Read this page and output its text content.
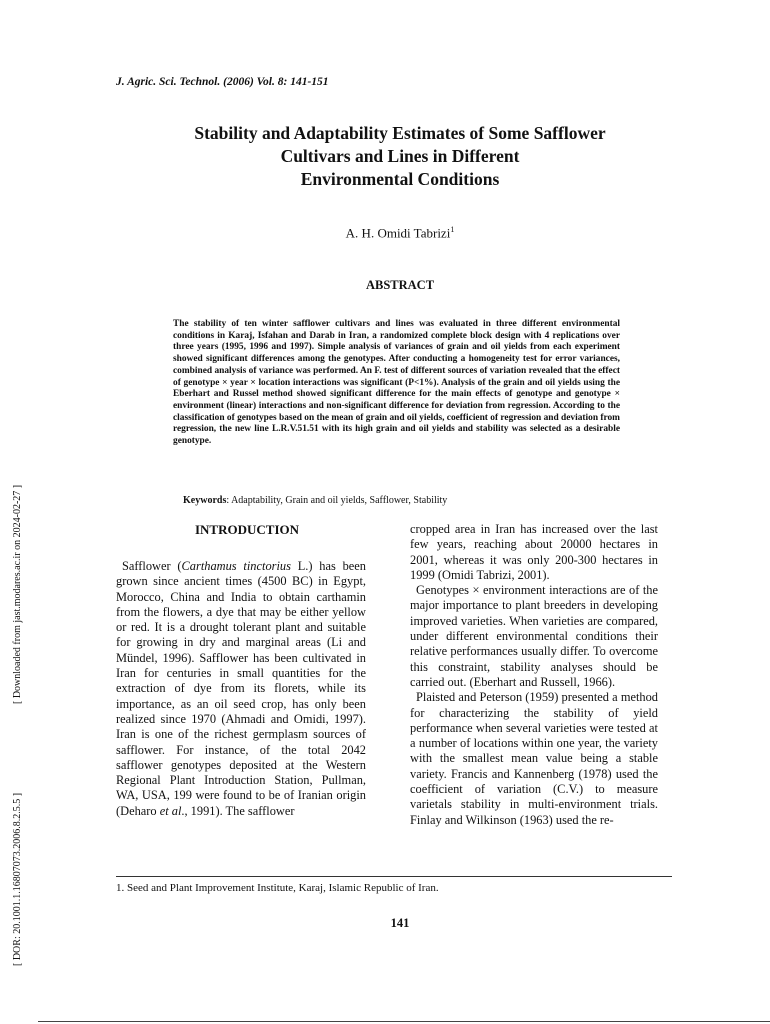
J. Agric. Sci. Technol. (2006) Vol. 8: 141-151
Stability and Adaptability Estimates of Some Safflower
Cultivars and Lines in Different
Environmental Conditions
A. H. Omidi Tabrizi$^1$
ABSTRACT
The stability of ten winter safflower cultivars and lines was evaluated in three different environmental conditions in Karaj, Isfahan and Darab in Iran, a randomized complete block design with 4 replications over three years (1995, 1996 and 1997). Simple analysis of variances of grain and oil yields from each experiment showed significant differences among the genotypes. After conducting a homogeneity test for error variances, combined analysis of variance was performed. An F. test of different sources of variation revealed that the effect of genotype × year × location interactions was significant (P<1%). Analysis of the grain and oil yields using the Eberhart and Russel method showed significant difference for the main effects of genotype and genotype × environment (linear) interactions and non-significant difference for deviation from regression. According to the classification of genotypes based on the mean of grain and oil yields, coefficient of regression and deviation from regression, the new line L.R.V.51.51 with its high grain and oil yields and stability was selected as a desirable genotype.
Keywords: Adaptability, Grain and oil yields, Safflower, Stability
INTRODUCTION

Safflower (Carthamus tinctorius L.) has been grown since ancient times (4500 BC) in Egypt, Morocco, China and India to obtain carthamin from the flowers, a dye that may be either yellow or red. It is a drought tolerant plant and suitable for growing in dry and marginal areas (Li and Mündel, 1996). Safflower has been cultivated in Iran for centuries in small quantities for the extraction of dye from its florets, while its importance, as an oil seed crop, has only been realized since 1970 (Ahmadi and Omidi, 1997). Iran is one of the richest germplasm sources of safflower. For instance, of the total 2042 safflower genotypes deposited at the Western Regional Plant Introduction Station, Pullman, WA, USA, 199 were found to be of Iranian origin (Deharo et al., 1991). The safflower

cropped area in Iran has increased over the last few years, reaching about 20000 hectares in 2001, whereas it was only 200-300 hectares in 1999 (Omidi Tabrizi, 2001).

Genotypes × environment interactions are of the major importance to plant breeders in developing improved varieties. When varieties are compared, under different environmental conditions their relative performances usually differ. To overcome this constraint, stability analyses should be carried out. (Eberhart and Russell, 1966).

Plaisted and Peterson (1959) presented a method for characterizing the stability of yield performance when several varieties were tested at a number of locations within one year, the variety with the smallest mean value being a stable variety. Francis and Kannenberg (1978) used the coefficient of variation (C.V.) to measure varietals stability in multi-environment trials. Finlay and Wilkinson (1963) used the re-

1. Seed and Plant Improvement Institute, Karaj, Islamic Republic of Iran.
141
[ Downloaded from jast.modares.ac.ir on 2024-02-27 ]
[ DOR: 20.1001.1.16807073.2006.8.2.5.5 ]
